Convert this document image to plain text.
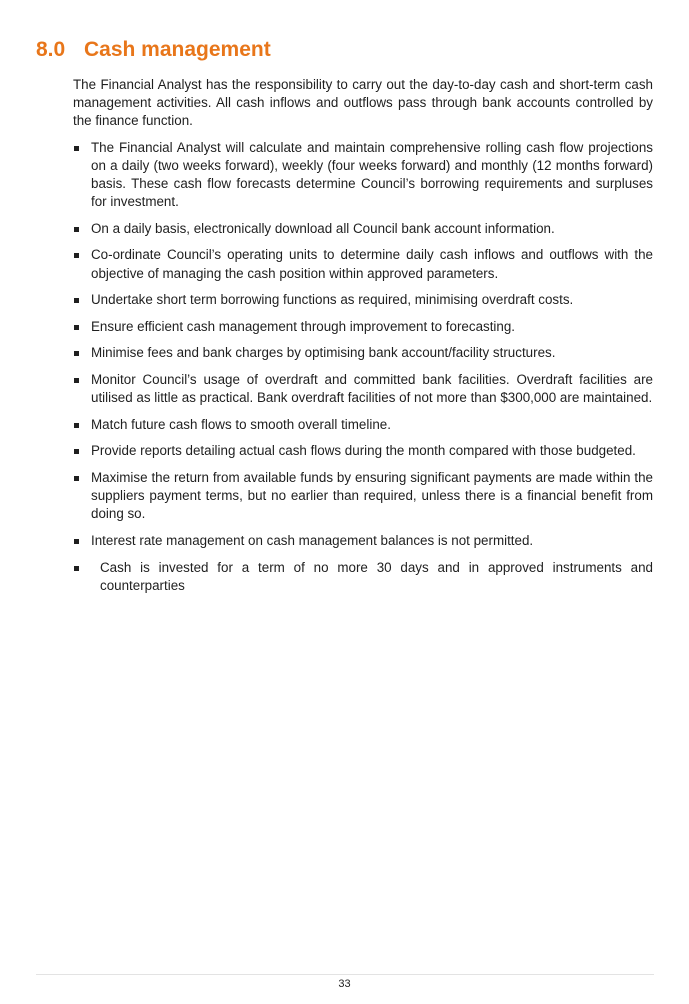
8.0 Cash management

The Financial Analyst has the responsibility to carry out the day-to-day cash and short-term cash management activities. All cash inflows and outflows pass through bank accounts controlled by the finance function.

The Financial Analyst will calculate and maintain comprehensive rolling cash flow projections on a daily (two weeks forward), weekly (four weeks forward) and monthly (12 months forward) basis. These cash flow forecasts determine Council’s borrowing requirements and surpluses for investment.
On a daily basis, electronically download all Council bank account information.
Co-ordinate Council’s operating units to determine daily cash inflows and outflows with the objective of managing the cash position within approved parameters.
Undertake short term borrowing functions as required, minimising overdraft costs.
Ensure efficient cash management through improvement to forecasting.
Minimise fees and bank charges by optimising bank account/facility structures.
Monitor Council’s usage of overdraft and committed bank facilities. Overdraft facilities are utilised as little as practical. Bank overdraft facilities of not more than $300,000 are maintained.
Match future cash flows to smooth overall timeline.
Provide reports detailing actual cash flows during the month compared with those budgeted.
Maximise the return from available funds by ensuring significant payments are made within the suppliers payment terms, but no earlier than required, unless there is a financial benefit from doing so.
Interest rate management on cash management balances is not permitted.
Cash is invested for a term of no more 30 days and in approved instruments and counterparties
33
